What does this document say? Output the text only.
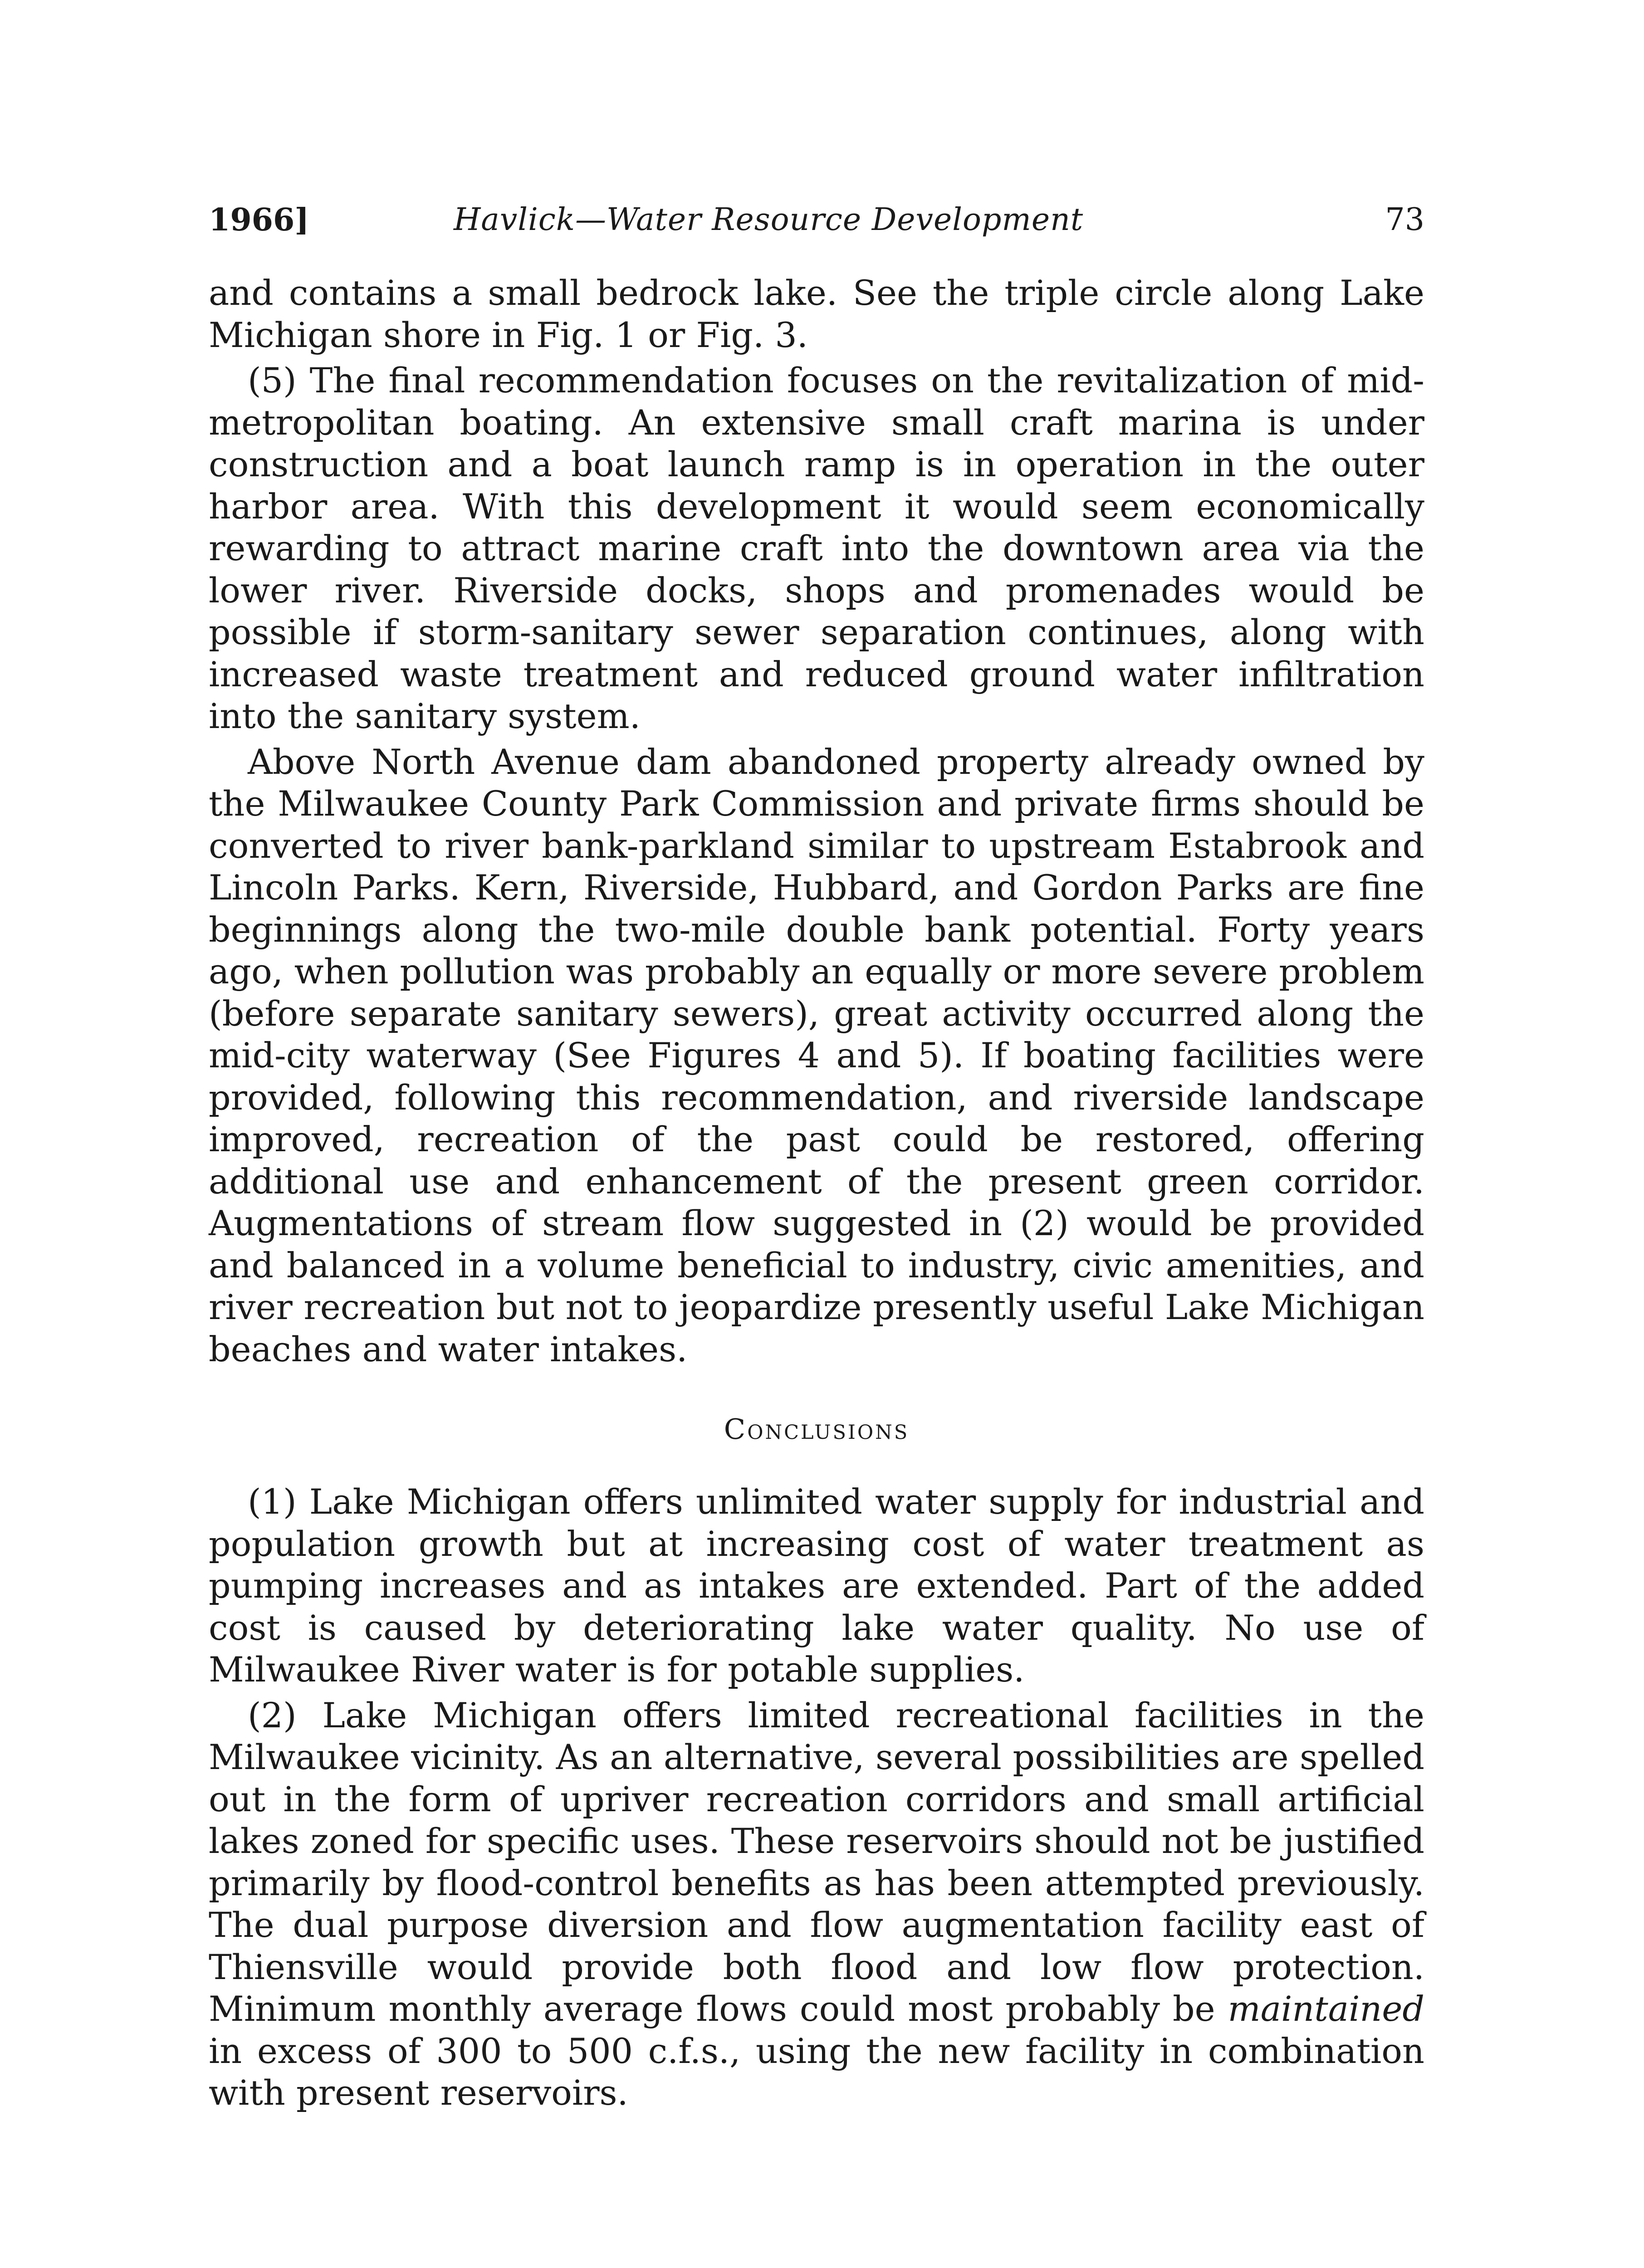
1966]	Havlick—Water Resource Development	73

and contains a small bedrock lake. See the triple circle along Lake Michigan shore in Fig. 1 or Fig. 3.

(5) The final recommendation focuses on the revitalization of mid-metropolitan boating. An extensive small craft marina is under construction and a boat launch ramp is in operation in the outer harbor area. With this development it would seem economically rewarding to attract marine craft into the downtown area via the lower river. Riverside docks, shops and promenades would be possible if storm-sanitary sewer separation continues, along with increased waste treatment and reduced ground water infiltration into the sanitary system.

Above North Avenue dam abandoned property already owned by the Milwaukee County Park Commission and private firms should be converted to river bank-parkland similar to upstream Estabrook and Lincoln Parks. Kern, Riverside, Hubbard, and Gordon Parks are fine beginnings along the two-mile double bank potential. Forty years ago, when pollution was probably an equally or more severe problem (before separate sanitary sewers), great activity occurred along the mid-city waterway (See Figures 4 and 5). If boating facilities were provided, following this recommendation, and riverside landscape improved, recreation of the past could be restored, offering additional use and enhancement of the present green corridor. Augmentations of stream flow suggested in (2) would be provided and balanced in a volume beneficial to industry, civic amenities, and river recreation but not to jeopardize presently useful Lake Michigan beaches and water intakes.

Conclusions

(1) Lake Michigan offers unlimited water supply for industrial and population growth but at increasing cost of water treatment as pumping increases and as intakes are extended. Part of the added cost is caused by deteriorating lake water quality. No use of Milwaukee River water is for potable supplies.

(2) Lake Michigan offers limited recreational facilities in the Milwaukee vicinity. As an alternative, several possibilities are spelled out in the form of upriver recreation corridors and small artificial lakes zoned for specific uses. These reservoirs should not be justified primarily by flood-control benefits as has been attempted previously. The dual purpose diversion and flow augmentation facility east of Thiensville would provide both flood and low flow protection. Minimum monthly average flows could most probably be maintained in excess of 300 to 500 c.f.s., using the new facility in combination with present reservoirs.
